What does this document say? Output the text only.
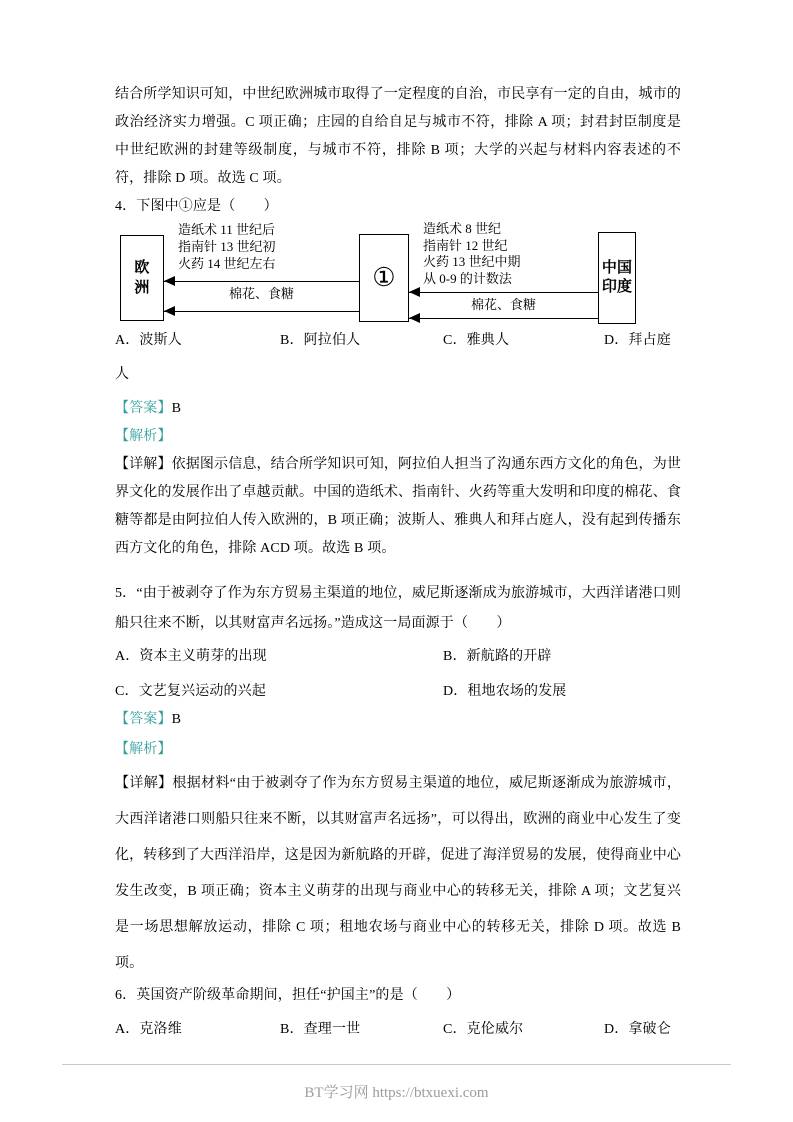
结合所学知识可知，中世纪欧洲城市取得了一定程度的自治，市民享有一定的自由，城市的政治经济实力增强。C 项正确；庄园的自给自足与城市不符，排除 A 项；封君封臣制度是中世纪欧洲的封建等级制度，与城市不符，排除 B 项；大学的兴起与材料内容表述的不符，排除 D 项。故选 C 项。

4．下图中①应是（　　）

欧洲
造纸术 11 世纪后
指南针 13 世纪初
火药 14 世纪左右
棉花、食糖
①
造纸术 8 世纪
指南针 12 世纪
火药 13 世纪中期
从 0-9 的计数法
棉花、食糖
中国印度
A．波斯人	B．阿拉伯人	C．雅典人	D．拜占庭
人
【答案】B
【解析】

【详解】依据图示信息，结合所学知识可知，阿拉伯人担当了沟通东西方文化的角色，为世界文化的发展作出了卓越贡献。中国的造纸术、指南针、火药等重大发明和印度的棉花、食糖等都是由阿拉伯人传入欧洲的，B 项正确；波斯人、雅典人和拜占庭人，没有起到传播东西方文化的角色，排除 ACD 项。故选 B 项。

5．“由于被剥夺了作为东方贸易主渠道的地位，威尼斯逐渐成为旅游城市，大西洋诸港口则船只往来不断，以其财富声名远扬。”造成这一局面源于（　　）

A．资本主义萌芽的出现	B．新航路的开辟
C．文艺复兴运动的兴起	D．租地农场的发展
【答案】B
【解析】

【详解】根据材料“由于被剥夺了作为东方贸易主渠道的地位，威尼斯逐渐成为旅游城市，大西洋诸港口则船只往来不断，以其财富声名远扬”，可以得出，欧洲的商业中心发生了变化，转移到了大西洋沿岸，这是因为新航路的开辟，促进了海洋贸易的发展，使得商业中心发生改变，B 项正确；资本主义萌芽的出现与商业中心的转移无关，排除 A 项；文艺复兴是一场思想解放运动，排除 C 项；租地农场与商业中心的转移无关，排除 D 项。故选 B 项。

6．英国资产阶级革命期间，担任“护国主”的是（　　）

A．克洛维	B．查理一世	C．克伦威尔	D．拿破仑
BT学习网 https://btxuexi.com
